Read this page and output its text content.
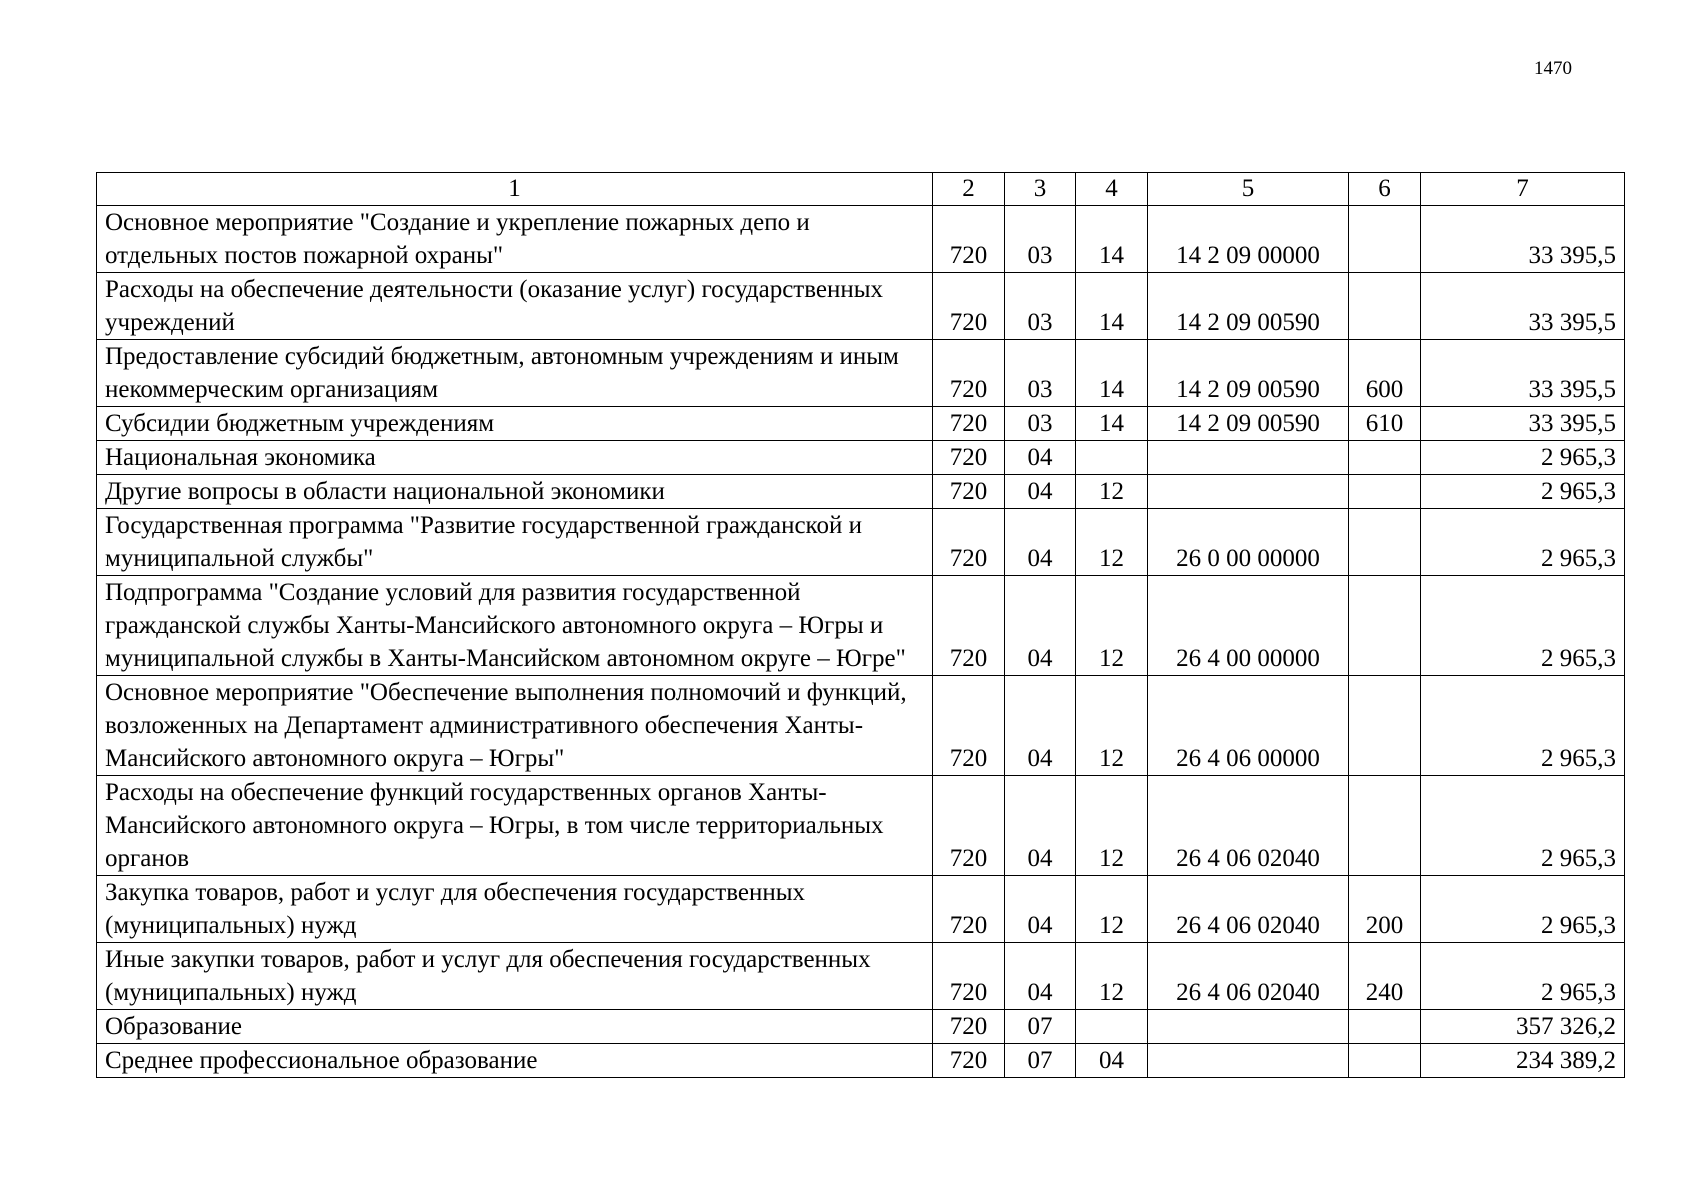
1470
1	2	3	4	5	6	7
Основное мероприятие "Создание и укрепление пожарных депо и отдельных постов пожарной охраны"	720	03	14	14 2 09 00000		33 395,5
Расходы на обеспечение деятельности (оказание услуг) государственных учреждений	720	03	14	14 2 09 00590		33 395,5
Предоставление субсидий бюджетным, автономным учреждениям и иным некоммерческим организациям	720	03	14	14 2 09 00590	600	33 395,5
Субсидии бюджетным учреждениям	720	03	14	14 2 09 00590	610	33 395,5
Национальная экономика	720	04				2 965,3
Другие вопросы в области национальной экономики	720	04	12			2 965,3
Государственная программа "Развитие государственной гражданской и муниципальной службы"	720	04	12	26 0 00 00000		2 965,3
Подпрограмма "Создание условий для развития государственной гражданской службы Ханты-Мансийского автономного округа – Югры и муниципальной службы в Ханты-Мансийском автономном округе – Югре"	720	04	12	26 4 00 00000		2 965,3
Основное мероприятие "Обеспечение выполнения полномочий и функций, возложенных на Департамент административного обеспечения Ханты-Мансийского автономного округа – Югры"	720	04	12	26 4 06 00000		2 965,3
Расходы на обеспечение функций государственных органов Ханты-Мансийского автономного округа – Югры, в том числе территориальных органов	720	04	12	26 4 06 02040		2 965,3
Закупка товаров, работ и услуг для обеспечения государственных (муниципальных) нужд	720	04	12	26 4 06 02040	200	2 965,3
Иные закупки товаров, работ и услуг для обеспечения государственных (муниципальных) нужд	720	04	12	26 4 06 02040	240	2 965,3
Образование	720	07				357 326,2
Среднее профессиональное образование	720	07	04			234 389,2
